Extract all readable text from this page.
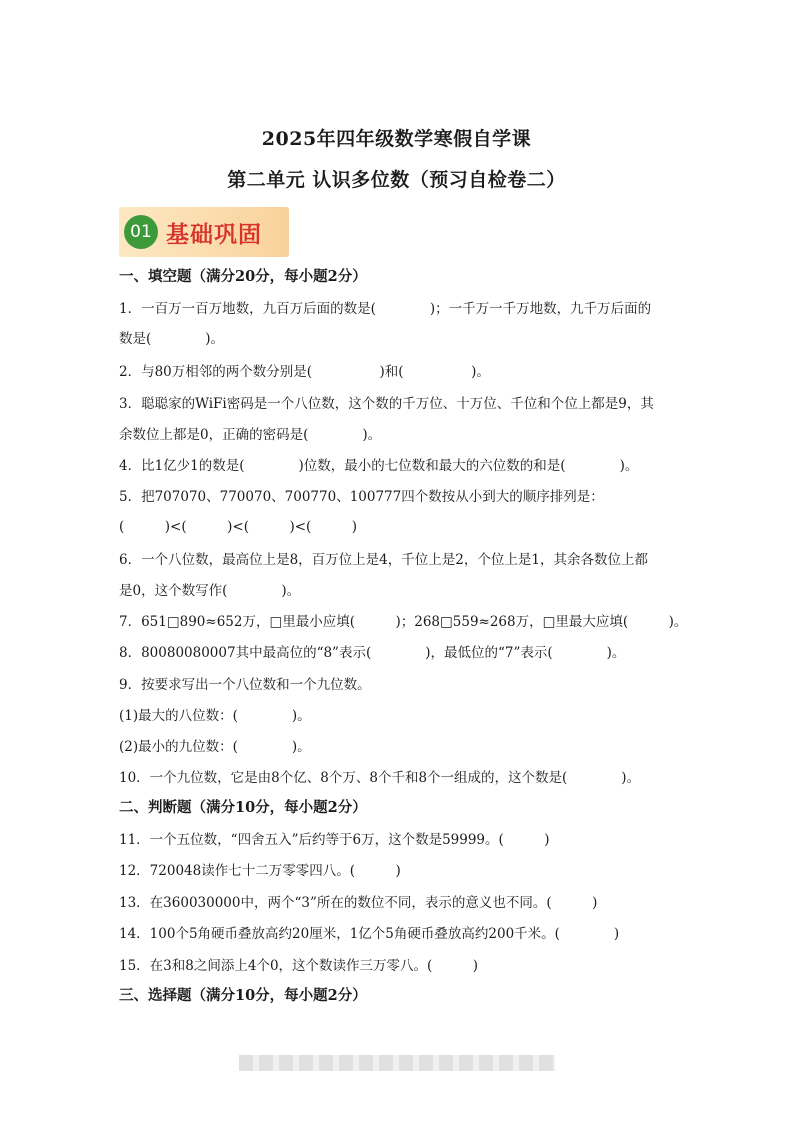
2025年四年级数学寒假自学课
第二单元 认识多位数（预习自检卷二）
01 基础巩固
一、填空题（满分20分，每小题2分）
1．一百万一百万地数，九百万后面的数是(　　　　)；一千万一千万地数，九千万后面的
数是(　　　　)。
2．与80万相邻的两个数分别是(　　　　　)和(　　　　　)。
3．聪聪家的WiFi密码是一个八位数，这个数的千万位、十万位、千位和个位上都是9，其
余数位上都是0，正确的密码是(　　　　)。
4．比1亿少1的数是(　　　　)位数，最小的七位数和最大的六位数的和是(　　　　)。
5．把707070、770070、700770、100777四个数按从小到大的顺序排列是：
(　　　)<(　　　)<(　　　)<(　　　)
6．一个八位数，最高位上是8，百万位上是4，千位上是2，个位上是1，其余各数位上都
是0，这个数写作(　　　　)。
7．651□890≈652万，□里最小应填(　　　)；268□559≈268万，□里最大应填(　　　)。
8．80080080007其中最高位的“8”表示(　　　　)，最低位的“7”表示(　　　　)。
9．按要求写出一个八位数和一个九位数。
(1)最大的八位数：(　　　　)。
(2)最小的九位数：(　　　　)。
10．一个九位数，它是由8个亿、8个万、8个千和8个一组成的，这个数是(　　　　)。
二、判断题（满分10分，每小题2分）
11．一个五位数，“四舍五入”后约等于6万，这个数是59999。(　　　)
12．720048读作七十二万零零四八。(　　　)
13．在360030000中，两个“3”所在的数位不同，表示的意义也不同。(　　　)
14．100个5角硬币叠放高约20厘米，1亿个5角硬币叠放高约200千米。(　　　　)
15．在3和8之间添上4个0，这个数读作三万零八。(　　　)
三、选择题（满分10分，每小题2分）
